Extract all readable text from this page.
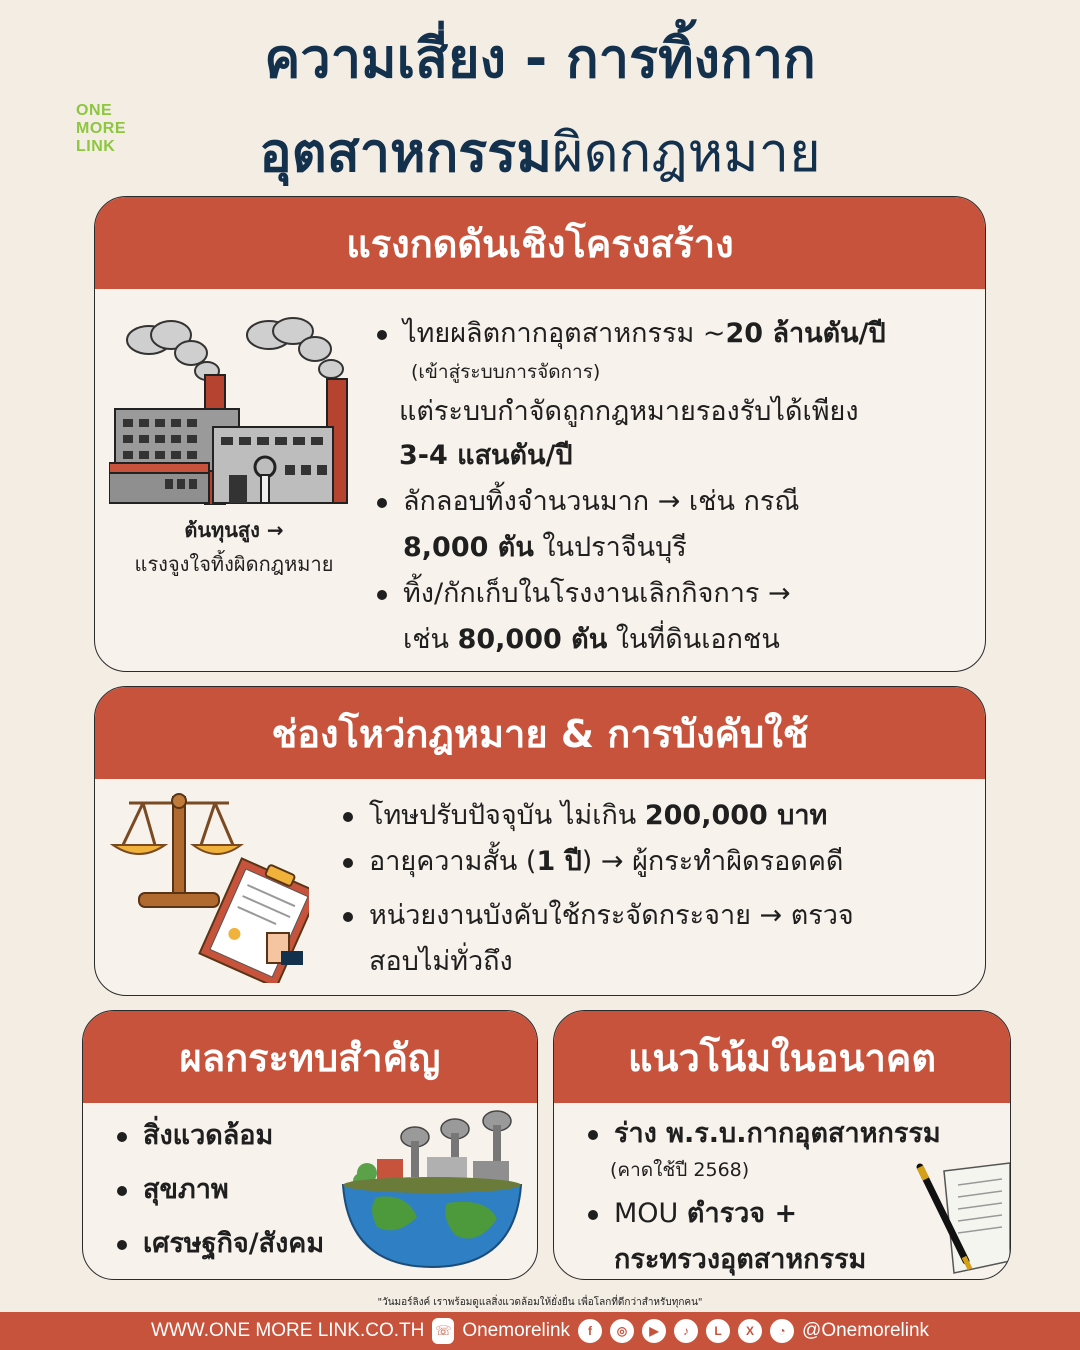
ความเสี่ยง - การทิ้งกาก
อุตสาหกรรมผิดกฎหมาย
ONE
MORE
LINK
แรงกดดันเชิงโครงสร้าง
ต้นทุนสูง →
แรงจูงใจทิ้งผิดกฎหมาย
ไทยผลิตกากอุตสาหกรรม ~20 ล้านตัน/ปี
(เข้าสู่ระบบการจัดการ)
แต่ระบบกำจัดถูกกฎหมายรองรับได้เพียง
3-4 แสนตัน/ปี
ลักลอบทิ้งจำนวนมาก → เช่น กรณี
8,000 ตัน ในปราจีนบุรี
ทิ้ง/กักเก็บในโรงงานเลิกกิจการ →
เช่น 80,000 ตัน ในที่ดินเอกชน
ช่องโหว่กฎหมาย & การบังคับใช้
โทษปรับปัจจุบัน ไม่เกิน 200,000 บาท
อายุความสั้น (1 ปี) → ผู้กระทำผิดรอดคดี
หน่วยงานบังคับใช้กระจัดกระจาย → ตรวจ
สอบไม่ทั่วถึง
ผลกระทบสำคัญ
สิ่งแวดล้อม
สุขภาพ
เศรษฐกิจ/สังคม
แนวโน้มในอนาคต
ร่าง พ.ร.บ.กากอุตสาหกรรม
(คาดใช้ปี 2568)
MOU ตำรวจ +
กระทรวงอุตสาหกรรม
"วันมอร์ลิงค์ เราพร้อมดูแลสิ่งแวดล้อมให้ยั่งยืน เพื่อโลกที่ดีกว่าสำหรับทุกคน"
WWW.ONE MORE LINK.CO.TH ☏ Onemorelink	f	◎	▶	♪	L	X	◔ @Onemorelink
